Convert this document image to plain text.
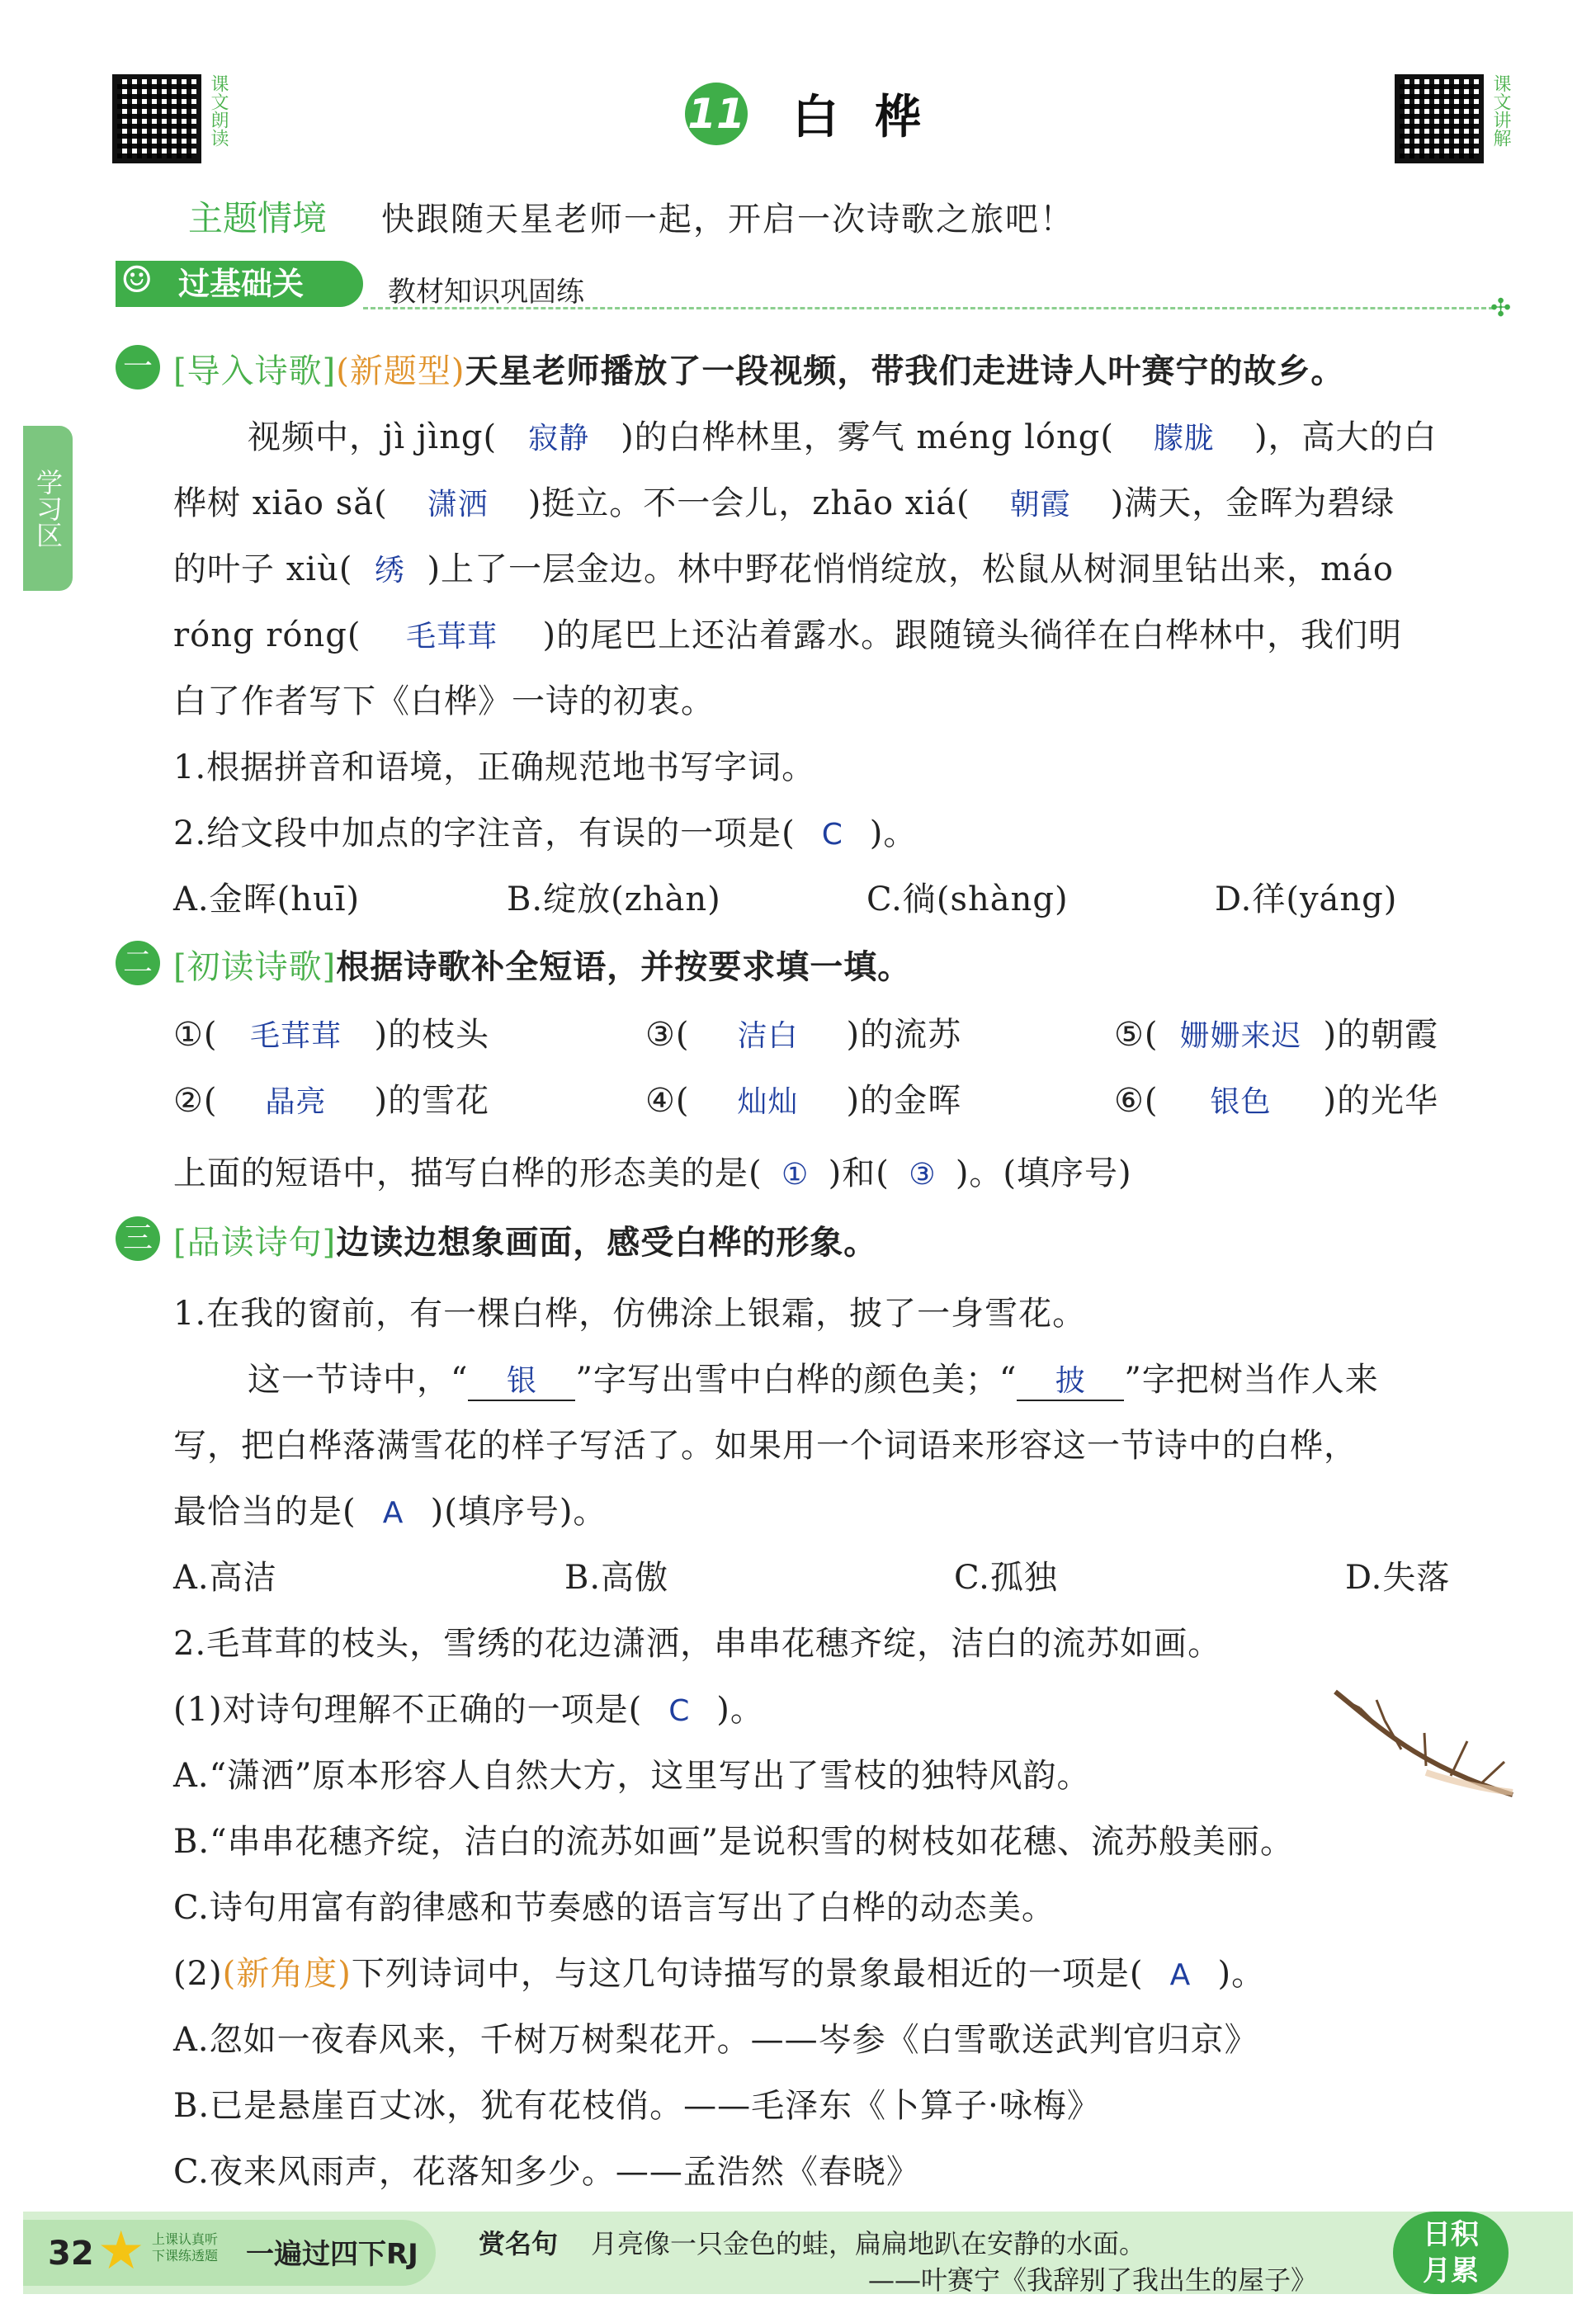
课文朗读	课文讲解
11 白桦
主题情境 快跟随天星老师一起，开启一次诗歌之旅吧！
过基础关
☺	教材知识巩固练	✣
学习区
一 [导入诗歌](新题型)天星老师播放了一段视频，带我们走进诗人叶赛宁的故乡。
视频中，jì jìng( 寂静 )的白桦林里，雾气 méng lóng( 朦胧 )，高大的白
桦树 xiāo sǎ( 潇洒 )挺立。不一会儿，zhāo xiá( 朝霞 )满天，金晖为碧绿
的叶子 xiù( 绣 )上了一层金边。林中野花悄悄绽放，松鼠从树洞里钻出来，máo
róng róng( 毛茸茸 )的尾巴上还沾着露水。跟随镜头徜徉在白桦林中，我们明
白了作者写下《白桦》一诗的初衷。
1.根据拼音和语境，正确规范地书写字词。
2.给文段中加点的字注音，有误的一项是( C )。
A.金晖(huī)	B.绽放(zhàn)	C.徜(shàng)	D.徉(yáng)
二 [初读诗歌]根据诗歌补全短语，并按要求填一填。
①( 毛茸茸 )的枝头	③( 洁白 )的流苏	⑤( 姗姗来迟 )的朝霞
②( 晶亮 )的雪花	④( 灿灿 )的金晖	⑥( 银色 )的光华
上面的短语中，描写白桦的形态美的是( ① )和( ③ )。(填序号)
三 [品读诗句]边读边想象画面，感受白桦的形象。
1.在我的窗前，有一棵白桦，仿佛涂上银霜，披了一身雪花。
这一节诗中，“ 银 ”字写出雪中白桦的颜色美；“ 披 ”字把树当作人来
写，把白桦落满雪花的样子写活了。如果用一个词语来形容这一节诗中的白桦，
最恰当的是( A )(填序号)。
A.高洁	B.高傲	C.孤独	D.失落
2.毛茸茸的枝头，雪绣的花边潇洒，串串花穗齐绽，洁白的流苏如画。
(1)对诗句理解不正确的一项是( C )。
A.“潇洒”原本形容人自然大方，这里写出了雪枝的独特风韵。
B.“串串花穗齐绽，洁白的流苏如画”是说积雪的树枝如花穗、流苏般美丽。
C.诗句用富有韵律感和节奏感的语言写出了白桦的动态美。
(2)(新角度)下列诗词中，与这几句诗描写的景象最相近的一项是( A )。
A.忽如一夜春风来，千树万树梨花开。——岑参《白雪歌送武判官归京》
B.已是悬崖百丈冰，犹有花枝俏。——毛泽东《卜算子·咏梅》
C.夜来风雨声，花落知多少。——孟浩然《春晓》
32 ★ 上课认真听
下课练透题 一遍过四下RJ 赏名句 月亮像一只金色的蛙，扁扁地趴在安静的水面。
——叶赛宁《我辞别了我出生的屋子》
日积
月累
